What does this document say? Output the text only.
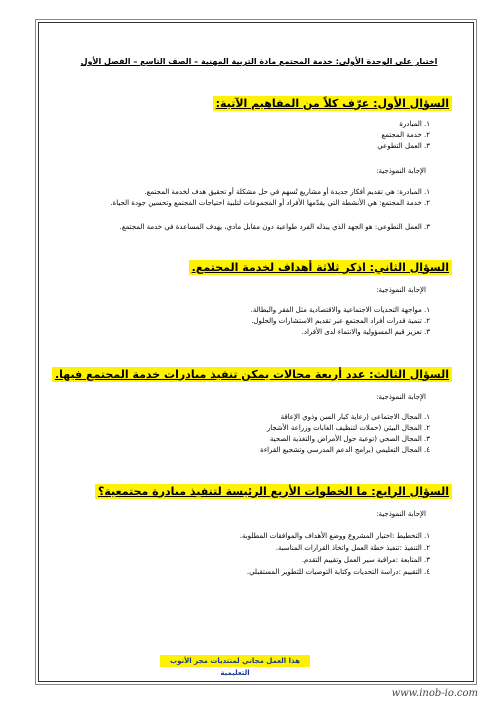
اختبار على الوحدة الأولى: خدمة المجتمع مادة التربية المهنية – الصف التاسع – الفصل الأول
السؤال الأول: عرّف كلاً من المفاهيم الآتية:
١. المبادرة
٢. خدمة المجتمع
٣. العمل التطوعي
الإجابة النموذجية:
١. المبادرة: هي تقديم أفكار جديدة أو مشاريع تُسهم في حل مشكلة أو تحقيق هدف لخدمة المجتمع.
٢. خدمة المجتمع: هي الأنشطة التي يقدّمها الأفراد أو المجموعات لتلبية احتياجات المجتمع وتحسين جودة الحياة.
٣. العمل التطوعي: هو الجهد الذي يبذله الفرد طواعية دون مقابل مادي، يهدف المساعدة في خدمة المجتمع.
السؤال الثاني: اذكر ثلاثة أهداف لخدمة المجتمع.
الإجابة النموذجية:
١. مواجهة التحديات الاجتماعية والاقتصادية مثل الفقر والبطالة.
٢. تنمية قدرات أفراد المجتمع عبر تقديم الاستشارات والحلول.
٣. تعزيز قيم المسؤولية والانتماء لدى الأفراد.
السؤال الثالث: عدد أربعة مجالات يمكن تنفيذ مبادرات خدمة المجتمع فيها.
الإجابة النموذجية:
١. المجال الاجتماعي (رعاية كبار السن وذوي الإعاقة
٢. المجال البيئي (حملات لتنظيف الغابات وزراعة الأشجار
٣. المجال الصحي (توعية حول الأمراض والتغذية الصحية
٤. المجال التعليمي (برامج الدعم المدرسي وتشجيع القراءة
السؤال الرابع: ما الخطوات الأربع الرئيسة لتنفيذ مبادرة مجتمعية؟
الإجابة النموذجية:
١. التخطيط :اختيار المشروع ووضع الأهداف والموافقات المطلوبة.
٢. التنفيذ :تنفيذ خطة العمل واتخاذ القرارات المناسبة.
٣. المتابعة :مراقبة سير العمل وتقييم التقدم.
٤. التقييم :دراسة التحديات وكتابة التوصيات للتطوير المستقبلي.
هذا العمل مجاني لمنتديات مجر الأنوب التعليمية
www.inob-io.com
